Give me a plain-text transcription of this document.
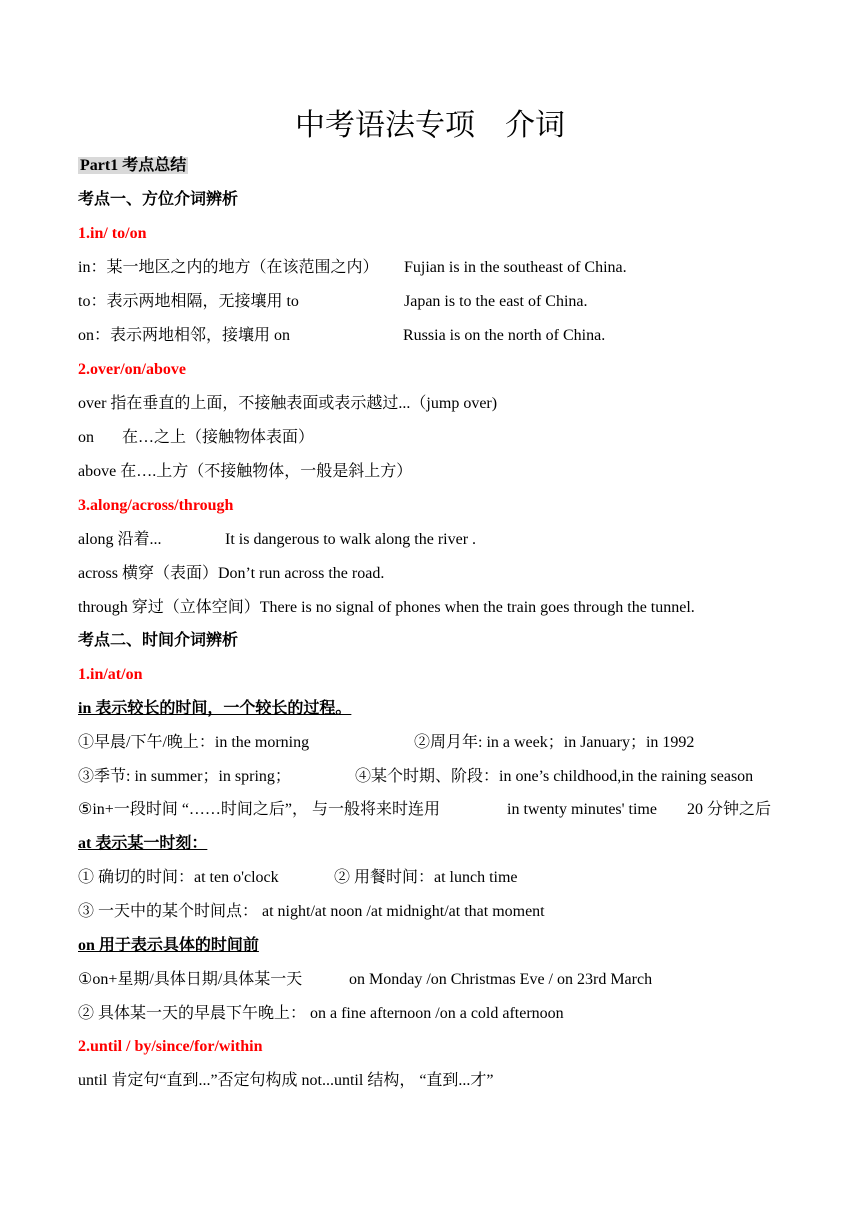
中考语法专项　介词
Part1 考点总结
考点一、方位介词辨析
1.in/ to/on
in：某一地区之内的地方（在该范围之内） Fujian is in the southeast of China.
to：表示两地相隔，无接壤用 to	Japan is to the east of China.
on：表示两地相邻，接壤用 on	Russia is on the north of China.
2.over/on/above
over 指在垂直的上面，不接触表面或表示越过...（jump over)
on 在…之上（接触物体表面）
above 在….上方（不接触物体，一般是斜上方）
3.along/across/through
along 沿着...	It is dangerous to walk along the river .
across 横穿（表面）Don’t run across the road.
through 穿过（立体空间）There is no signal of phones when the train goes through the tunnel.
考点二、时间介词辨析
1.in/at/on
in 表示较长的时间，一个较长的过程。
①早晨/下午/晚上：in the morning	②周月年: in a week；in January；in 1992
③季节: in summer；in spring；	④某个时期、阶段：in one’s childhood,in the raining season
⑤in+一段时间 “……时间之后”， 与一般将来时连用	in twenty minutes' time 20 分钟之后
at 表示某一时刻：
① 确切的时间：at ten o'clock	② 用餐时间：at lunch time
③ 一天中的某个时间点： at night/at noon /at midnight/at that moment
on 用于表示具体的时间前
①on+星期/具体日期/具体某一天	on Monday /on Christmas Eve / on 23rd March
② 具体某一天的早晨下午晚上： on a fine afternoon /on a cold afternoon
2.until / by/since/for/within
until 肯定句“直到...”否定句构成 not...until 结构， “直到...才”
